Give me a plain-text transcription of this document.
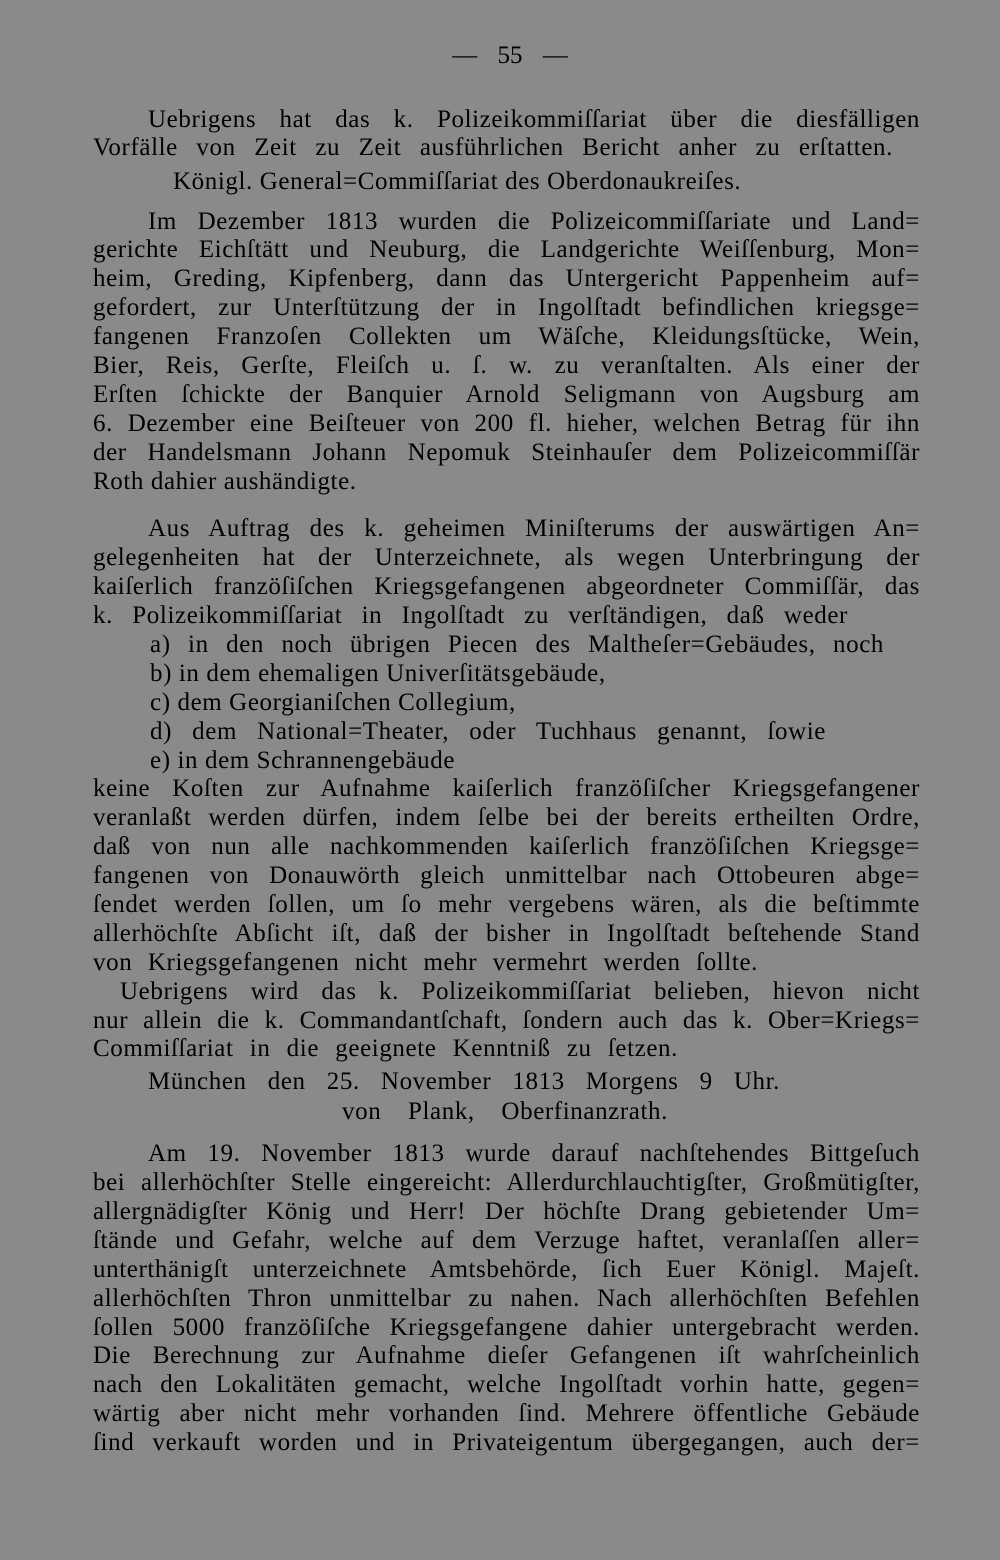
— 55 —
Uebrigens hat das k. Polizeikommiſſariat über die diesfälligen
Vorfälle von Zeit zu Zeit ausführlichen Bericht anher zu erſtatten.
Königl. General=Commiſſariat des Oberdonaukreiſes.
Im Dezember 1813 wurden die Polizeicommiſſariate und Land=
gerichte Eichſtätt und Neuburg, die Landgerichte Weiſſenburg, Mon=
heim, Greding, Kipfenberg, dann das Untergericht Pappenheim auf=
gefordert, zur Unterſtützung der in Ingolſtadt befindlichen kriegsge=
fangenen Franzoſen Collekten um Wäſche, Kleidungsſtücke, Wein,
Bier, Reis, Gerſte, Fleiſch u. ſ. w. zu veranſtalten. Als einer der
Erſten ſchickte der Banquier Arnold Seligmann von Augsburg am
6. Dezember eine Beiſteuer von 200 fl. hieher, welchen Betrag für ihn
der Handelsmann Johann Nepomuk Steinhauſer dem Polizeicommiſſär
Roth dahier aushändigte.
Aus Auftrag des k. geheimen Miniſterums der auswärtigen An=
gelegenheiten hat der Unterzeichnete, als wegen Unterbringung der
kaiſerlich franzöſiſchen Kriegsgefangenen abgeordneter Commiſſär, das
k. Polizeikommiſſariat in Ingolſtadt zu verſtändigen, daß weder
a) in den noch übrigen Piecen des Maltheſer=Gebäudes, noch
b) in dem ehemaligen Univerſitätsgebäude,
c) dem Georgianiſchen Collegium,
d) dem National=Theater, oder Tuchhaus genannt, ſowie
e) in dem Schrannengebäude
keine Koſten zur Aufnahme kaiſerlich franzöſiſcher Kriegsgefangener
veranlaßt werden dürfen, indem ſelbe bei der bereits ertheilten Ordre,
daß von nun alle nachkommenden kaiſerlich franzöſiſchen Kriegsge=
fangenen von Donauwörth gleich unmittelbar nach Ottobeuren abge=
ſendet werden ſollen, um ſo mehr vergebens wären, als die beſtimmte
allerhöchſte Abſicht iſt, daß der bisher in Ingolſtadt beſtehende Stand
von Kriegsgefangenen nicht mehr vermehrt werden ſollte.
Uebrigens wird das k. Polizeikommiſſariat belieben, hievon nicht
nur allein die k. Commandantſchaft, ſondern auch das k. Ober=Kriegs=
Commiſſariat in die geeignete Kenntniß zu ſetzen.
München den 25. November 1813 Morgens 9 Uhr.
von Plank, Oberfinanzrath.
Am 19. November 1813 wurde darauf nachſtehendes Bittgeſuch
bei allerhöchſter Stelle eingereicht: Allerdurchlauchtigſter, Großmütigſter,
allergnädigſter König und Herr! Der höchſte Drang gebietender Um=
ſtände und Gefahr, welche auf dem Verzuge haftet, veranlaſſen aller=
unterthänigſt unterzeichnete Amtsbehörde, ſich Euer Königl. Majeſt.
allerhöchſten Thron unmittelbar zu nahen. Nach allerhöchſten Befehlen
ſollen 5000 franzöſiſche Kriegsgefangene dahier untergebracht werden.
Die Berechnung zur Aufnahme dieſer Gefangenen iſt wahrſcheinlich
nach den Lokalitäten gemacht, welche Ingolſtadt vorhin hatte, gegen=
wärtig aber nicht mehr vorhanden ſind. Mehrere öffentliche Gebäude
ſind verkauft worden und in Privateigentum übergegangen, auch der=
